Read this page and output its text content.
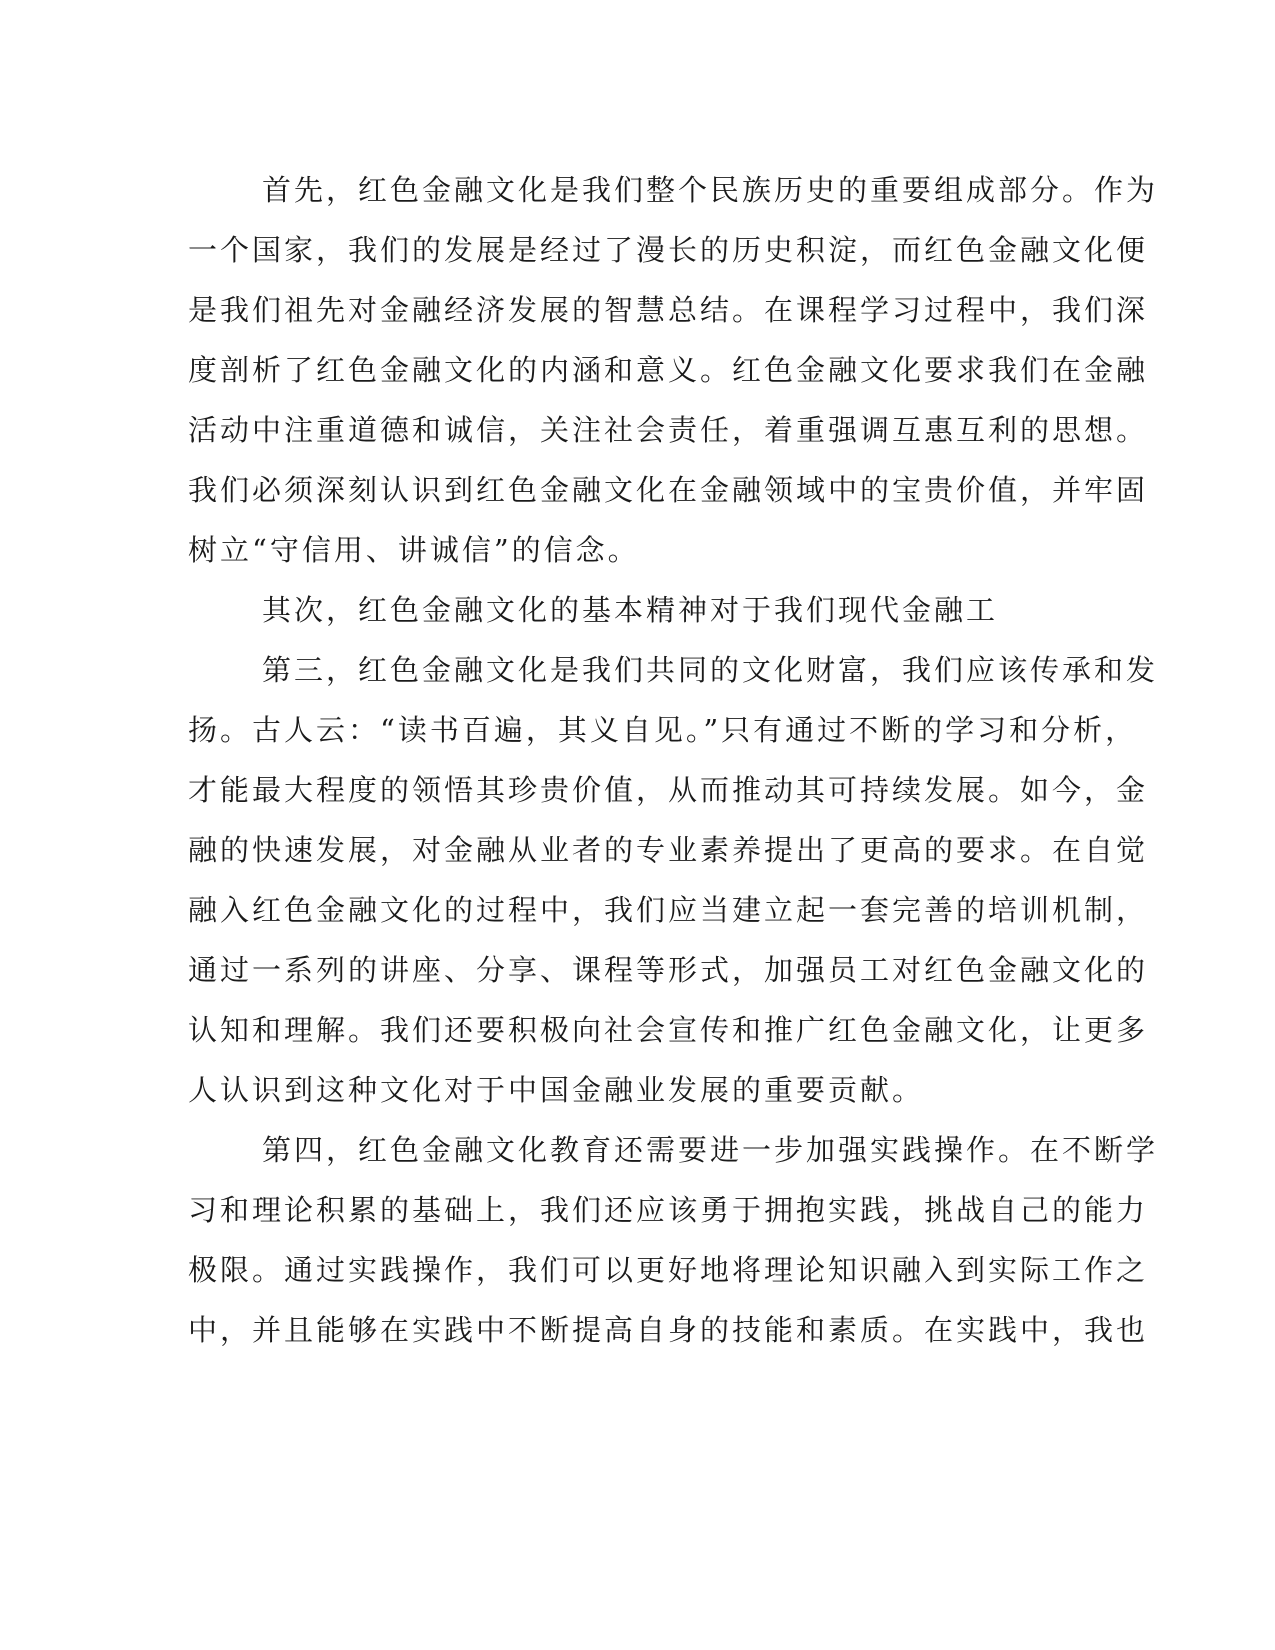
首先，红色金融文化是我们整个民族历史的重要组成部分。作为
一个国家，我们的发展是经过了漫长的历史积淀，而红色金融文化便
是我们祖先对金融经济发展的智慧总结。在课程学习过程中，我们深
度剖析了红色金融文化的内涵和意义。红色金融文化要求我们在金融
活动中注重道德和诚信，关注社会责任，着重强调互惠互利的思想。
我们必须深刻认识到红色金融文化在金融领域中的宝贵价值，并牢固
树立“守信用、讲诚信”的信念。
其次，红色金融文化的基本精神对于我们现代金融工
第三，红色金融文化是我们共同的文化财富，我们应该传承和发
扬。古人云：“读书百遍，其义自见。”只有通过不断的学习和分析，
才能最大程度的领悟其珍贵价值，从而推动其可持续发展。如今，金
融的快速发展，对金融从业者的专业素养提出了更高的要求。在自觉
融入红色金融文化的过程中，我们应当建立起一套完善的培训机制，
通过一系列的讲座、分享、课程等形式，加强员工对红色金融文化的
认知和理解。我们还要积极向社会宣传和推广红色金融文化，让更多
人认识到这种文化对于中国金融业发展的重要贡献。
第四，红色金融文化教育还需要进一步加强实践操作。在不断学
习和理论积累的基础上，我们还应该勇于拥抱实践，挑战自己的能力
极限。通过实践操作，我们可以更好地将理论知识融入到实际工作之
中，并且能够在实践中不断提高自身的技能和素质。在实践中，我也
